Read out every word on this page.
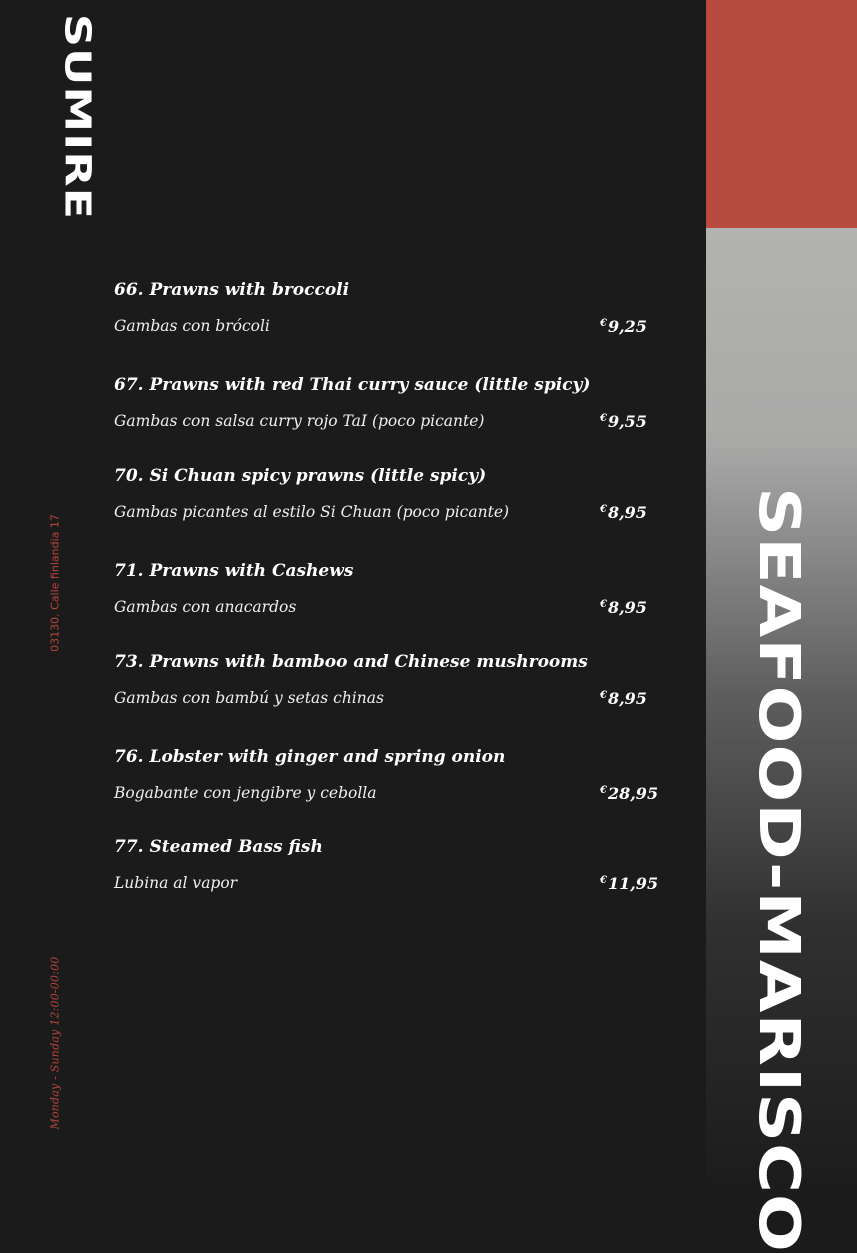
SUMIRE
SEAFOOD-MARISCO
03130. Calle finlandia 17
Monday - Sunday 12:00-00:00
66. Prawns with broccoli
Gambas con brócoli	€9,25
67. Prawns with red Thai curry sauce (little spicy)
Gambas con salsa curry rojo TaI (poco picante)	€9,55
70. Si Chuan spicy prawns (little spicy)
Gambas picantes al estilo Si Chuan (poco picante)	€8,95
71. Prawns with Cashews
Gambas con anacardos	€8,95
73. Prawns with bamboo and Chinese mushrooms
Gambas con bambú y setas chinas	€8,95
76. Lobster with ginger and spring onion
Bogabante con jengibre y cebolla	€28,95
77. Steamed Bass fish
Lubina al vapor	€11,95
